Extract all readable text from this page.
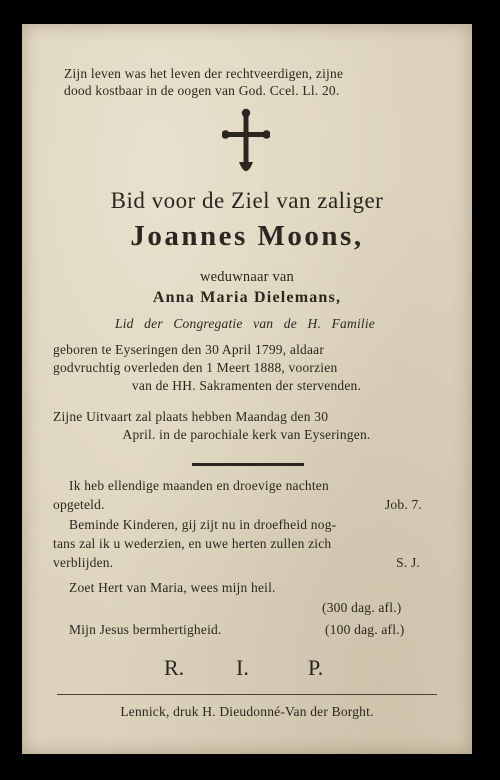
Zijn leven was het leven der rechtveerdigen, zijne
dood kostbaar in de oogen van God. Ccel. Ll. 20.
Bid voor de Ziel van zaliger
Joannes Moons,
weduwnaar van
Anna Maria Dielemans,
Lid der Congregatie van de H. Familie
geboren te Eyseringen den 30 April 1799, aldaar
godvruchtig overleden den 1 Meert 1888, voorzien
van de HH. Sakramenten der stervenden.
Zijne Uitvaart zal plaats hebben Maandag den 30
April. in de parochiale kerk van Eyseringen.
Ik heb ellendige maanden en droevige nachten
opgeteld.	Job. 7.
Beminde Kinderen, gij zijt nu in droefheid nog-
tans zal ik u wederzien, en uwe herten zullen zich
verblijden.	S. J.
Zoet Hert van Maria, wees mijn heil.
(300 dag. afl.)
Mijn Jesus bermhertigheid.	(100 dag. afl.)
R. I.	P.
Lennick, druk H. Dieudonné-Van der Borght.
